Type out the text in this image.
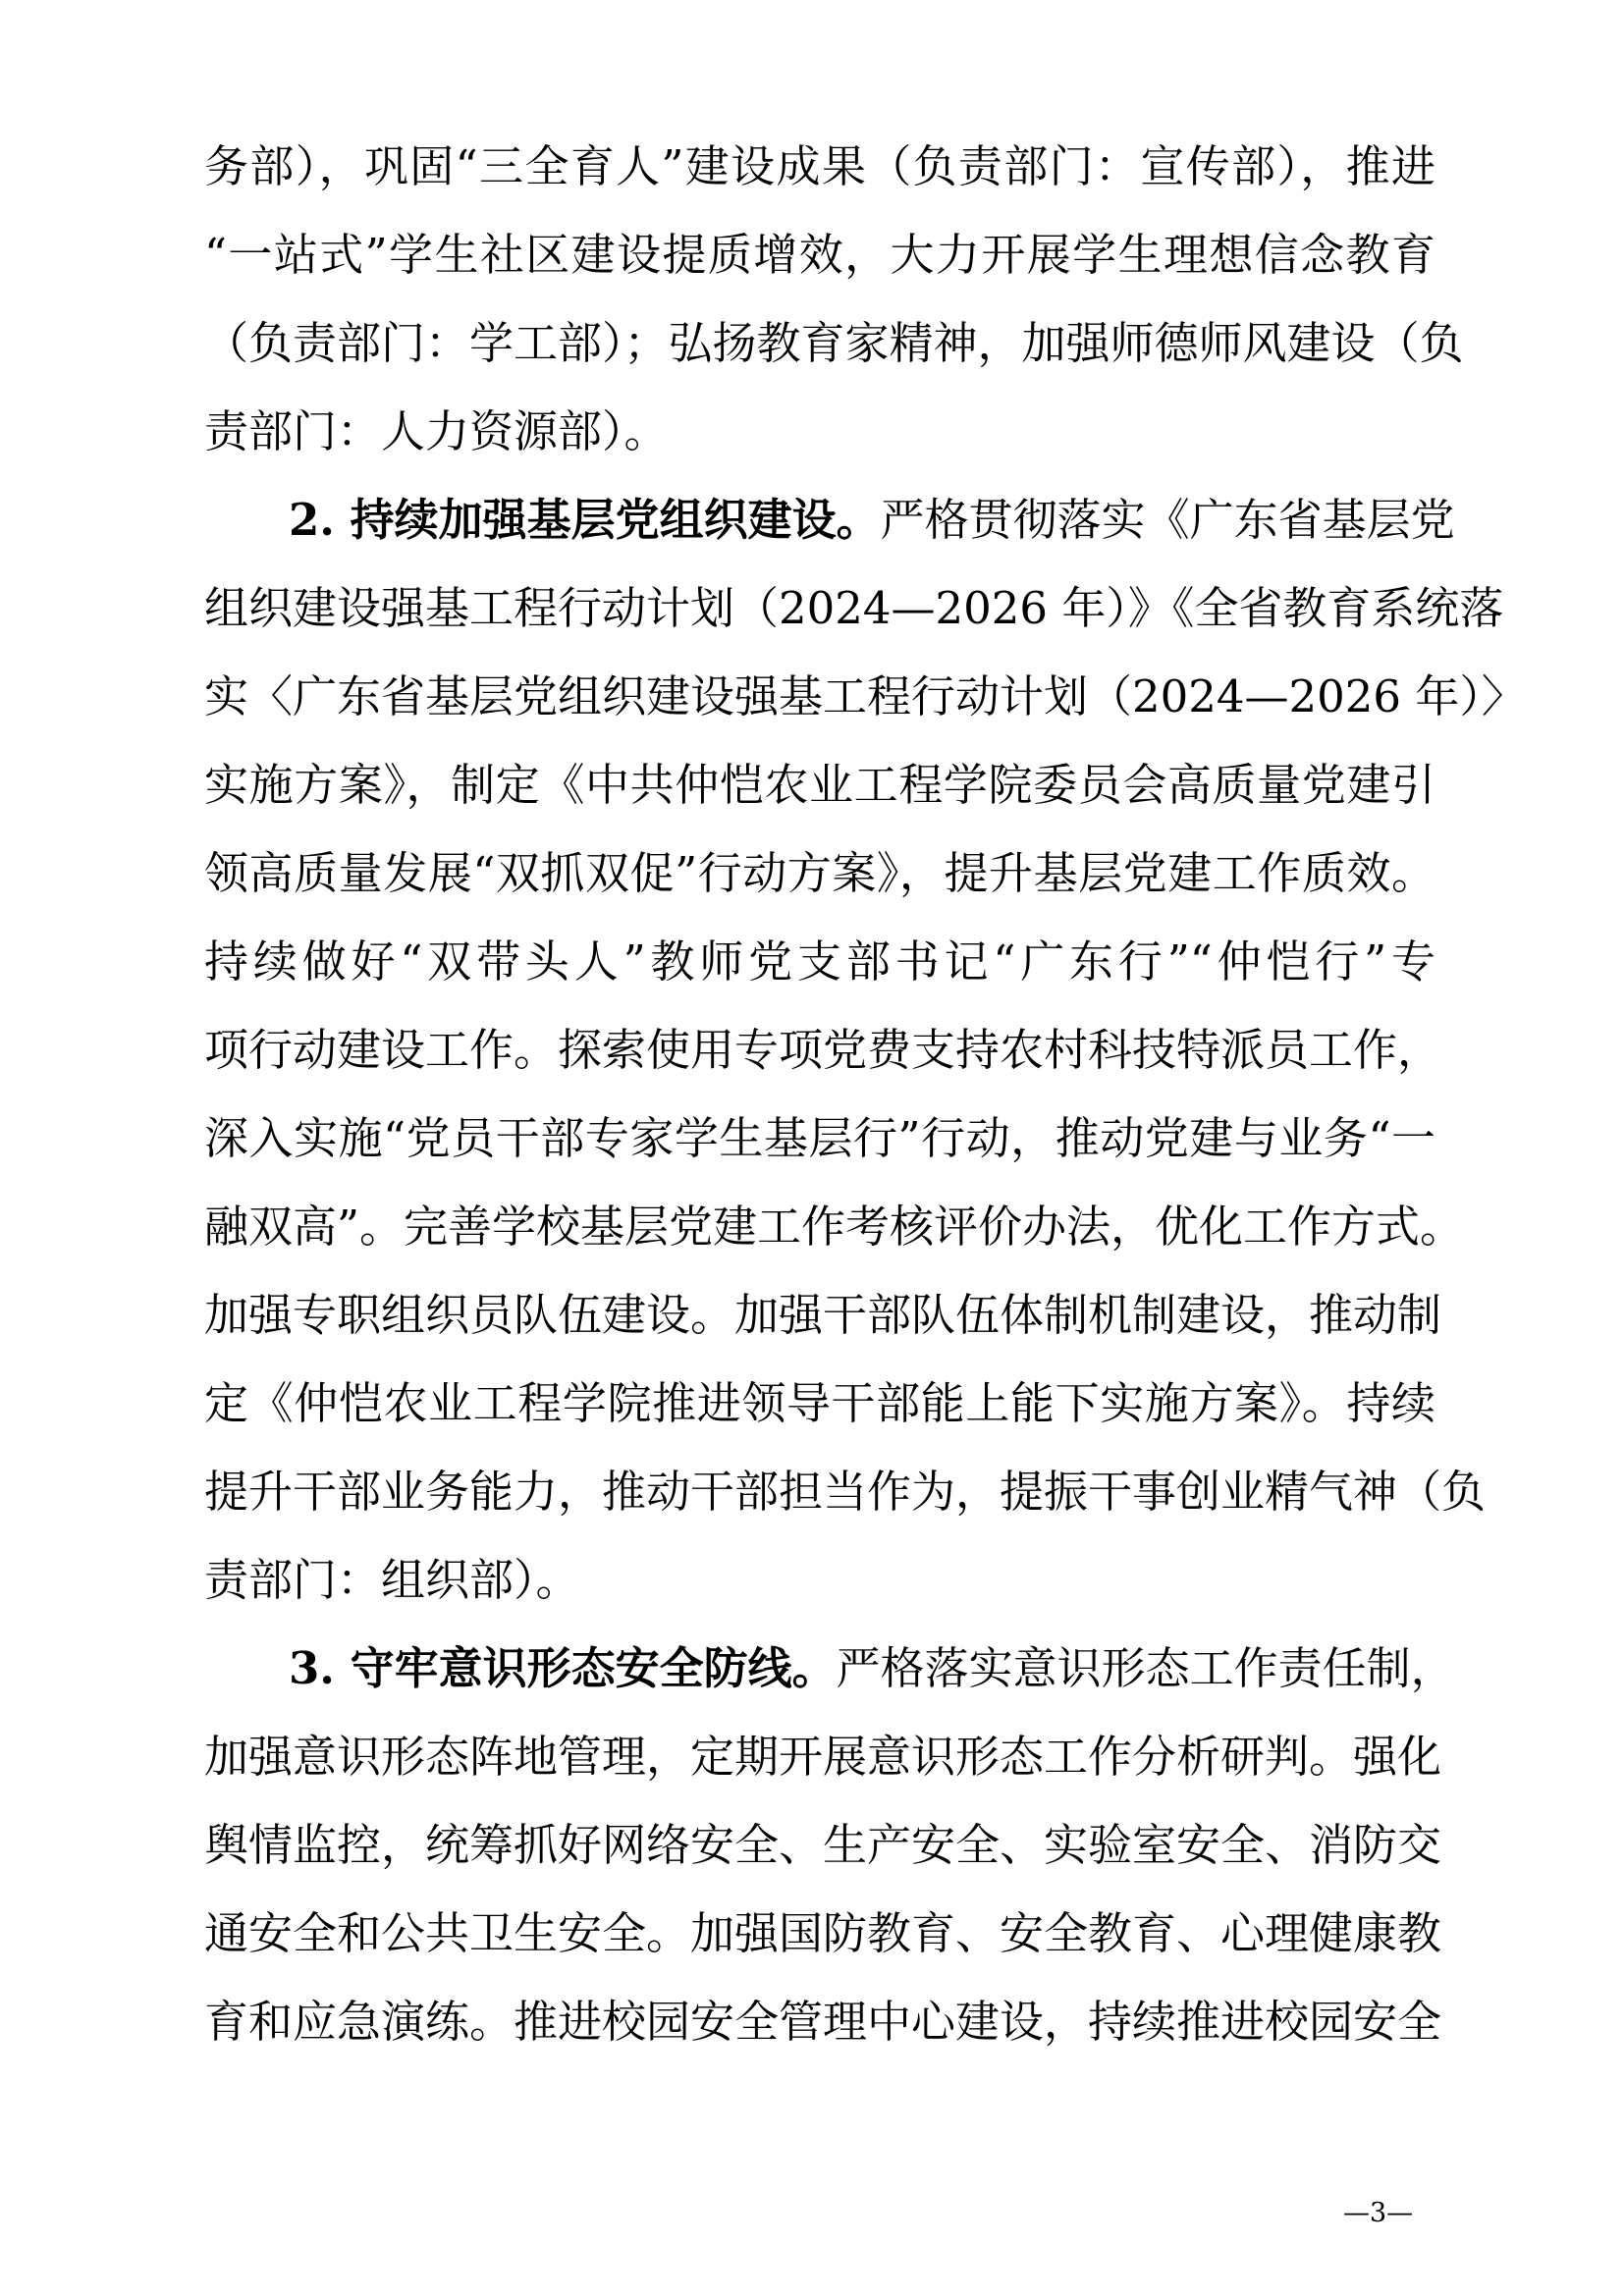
务部），巩固“三全育人”建设成果（负责部门：宣传部），推进
“一站式”学生社区建设提质增效，大力开展学生理想信念教育
（负责部门：学工部）；弘扬教育家精神，加强师德师风建设（负
责部门：人力资源部）。
2. 持续加强基层党组织建设。严格贯彻落实《广东省基层党
组织建设强基工程行动计划（2024—2026 年）》《全省教育系统落
实〈广东省基层党组织建设强基工程行动计划（2024—2026 年）〉
实施方案》，制定《中共仲恺农业工程学院委员会高质量党建引
领高质量发展“双抓双促”行动方案》，提升基层党建工作质效。
持续做好“双带头人”教师党支部书记“广东行”“仲恺行”专
项行动建设工作。探索使用专项党费支持农村科技特派员工作，
深入实施“党员干部专家学生基层行”行动，推动党建与业务“一
融双高”。完善学校基层党建工作考核评价办法，优化工作方式。
加强专职组织员队伍建设。加强干部队伍体制机制建设，推动制
定《仲恺农业工程学院推进领导干部能上能下实施方案》。持续
提升干部业务能力，推动干部担当作为，提振干事创业精气神（负
责部门：组织部）。
3. 守牢意识形态安全防线。严格落实意识形态工作责任制，
加强意识形态阵地管理，定期开展意识形态工作分析研判。强化
舆情监控，统筹抓好网络安全、生产安全、实验室安全、消防交
通安全和公共卫生安全。加强国防教育、安全教育、心理健康教
育和应急演练。推进校园安全管理中心建设，持续推进校园安全
—3—
